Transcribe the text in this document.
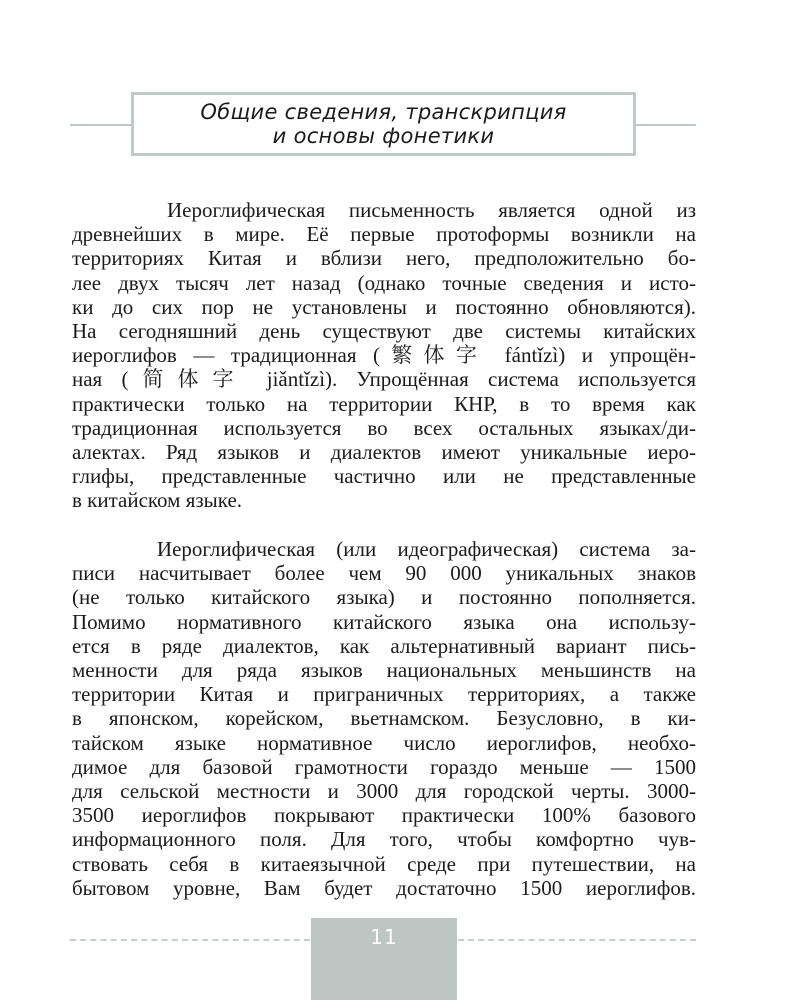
Общие сведения, транскрипция
и основы фонетики
Иероглифическая письменность является одной из
древнейших в мире. Её первые протоформы возникли на
территориях Китая и вблизи него, предположительно бо-
лее двух тысяч лет назад (однако точные сведения и исто-
ки до сих пор не установлены и постоянно обновляются).
На сегодняшний день существуют две системы китайских
иероглифов — традиционная (繁体字 fántǐzì) и упрощён-
ная (简体字 jiǎntǐzì). Упрощённая система используется
практически только на территории КНР, в то время как
традиционная используется во всех остальных языках/ди-
алектах. Ряд языков и диалектов имеют уникальные иеро-
глифы, представленные частично или не представленные
в китайском языке.
Иероглифическая (или идеографическая) система за-
писи насчитывает более чем 90 000 уникальных знаков
(не только китайского языка) и постоянно пополняется.
Помимо нормативного китайского языка она использу-
ется в ряде диалектов, как альтернативный вариант пись-
менности для ряда языков национальных меньшинств на
территории Китая и приграничных территориях, а также
в японском, корейском, вьетнамском. Безусловно, в ки-
тайском языке нормативное число иероглифов, необхо-
димое для базовой грамотности гораздо меньше — 1500
для сельской местности и 3000 для городской черты. 3000-
3500 иероглифов покрывают практически 100% базового
информационного поля. Для того, чтобы комфортно чув-
ствовать себя в китаеязычной среде при путешествии, на
бытовом уровне, Вам будет достаточно 1500 иероглифов.
11
